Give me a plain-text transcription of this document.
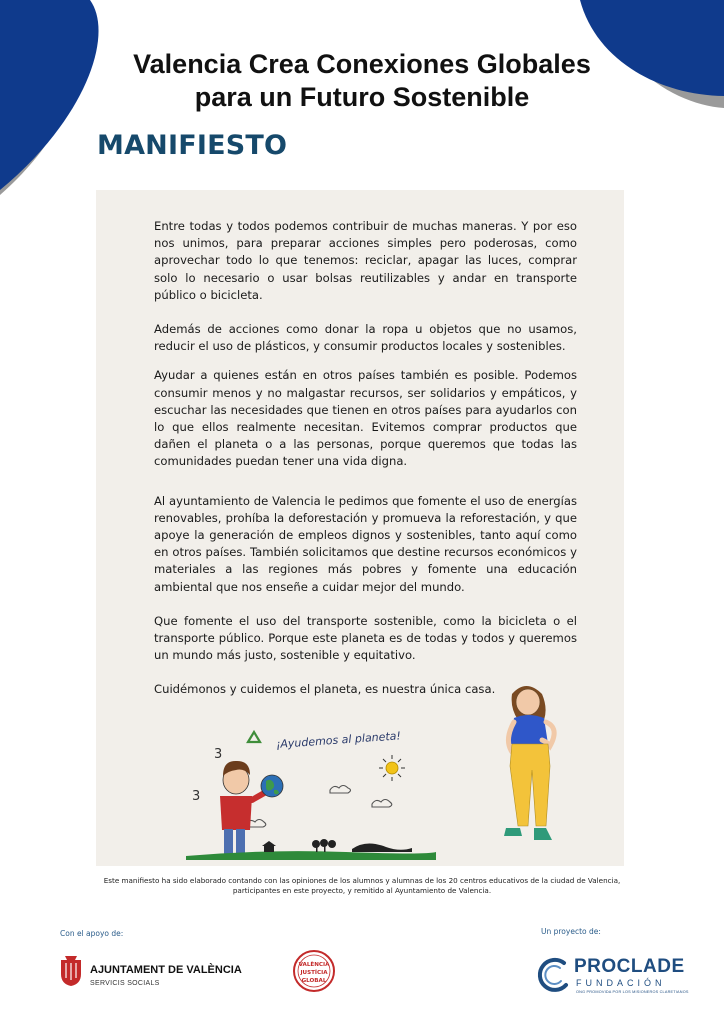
Valencia Crea Conexiones Globales
para un Futuro Sostenible
MANIFIESTO

Entre todas y todos podemos contribuir de muchas maneras. Y por eso nos unimos, para preparar acciones simples pero poderosas, como aprovechar todo lo que tenemos: reciclar, apagar las luces, comprar solo lo necesario o usar bolsas reutilizables y andar en transporte público o bicicleta.

Además de acciones como donar la ropa u objetos que no usamos, reducir el uso de plásticos, y consumir productos locales y sostenibles.

Ayudar a quienes están en otros países también es posible. Podemos consumir menos y no malgastar recursos, ser solidarios y empáticos, y escuchar las necesidades que tienen en otros países para ayudarlos con lo que ellos realmente necesitan. Evitemos comprar productos que dañen el planeta o a las personas, porque queremos que todas las comunidades puedan tener una vida digna.

Al ayuntamiento de Valencia le pedimos que fomente el uso de energías renovables, prohíba la deforestación y promueva la reforestación, y que apoye la generación de empleos dignos y sostenibles, tanto aquí como en otros países. También solicitamos que destine recursos económicos y materiales a las regiones más pobres y fomente una educación ambiental que nos enseñe a cuidar mejor del mundo.

Que fomente el uso del transporte sostenible, como la bicicleta o el transporte público. Porque este planeta es de todas y todos y queremos un mundo más justo, sostenible y equitativo.

Cuidémonos y cuidemos el planeta, es nuestra única casa.

3
3
¡Ayudemos al planeta!
Este manifiesto ha sido elaborado contando con las opiniones de los alumnos y alumnas de los 20 centros educativos de la ciudad de Valencia,
participantes en este proyecto, y remitido al Ayuntamiento de Valencia.
Con el apoyo de:	Un proyecto de:
AJUNTAMENT DE VALÈNCIA
SERVICIS SOCIALS
VALÈNCIA
JUSTÍCIA
GLOBAL
PROCLADE
FUNDACIÓN
ONG PROMOVIDA POR LOS MISIONEROS CLARETIANOS
